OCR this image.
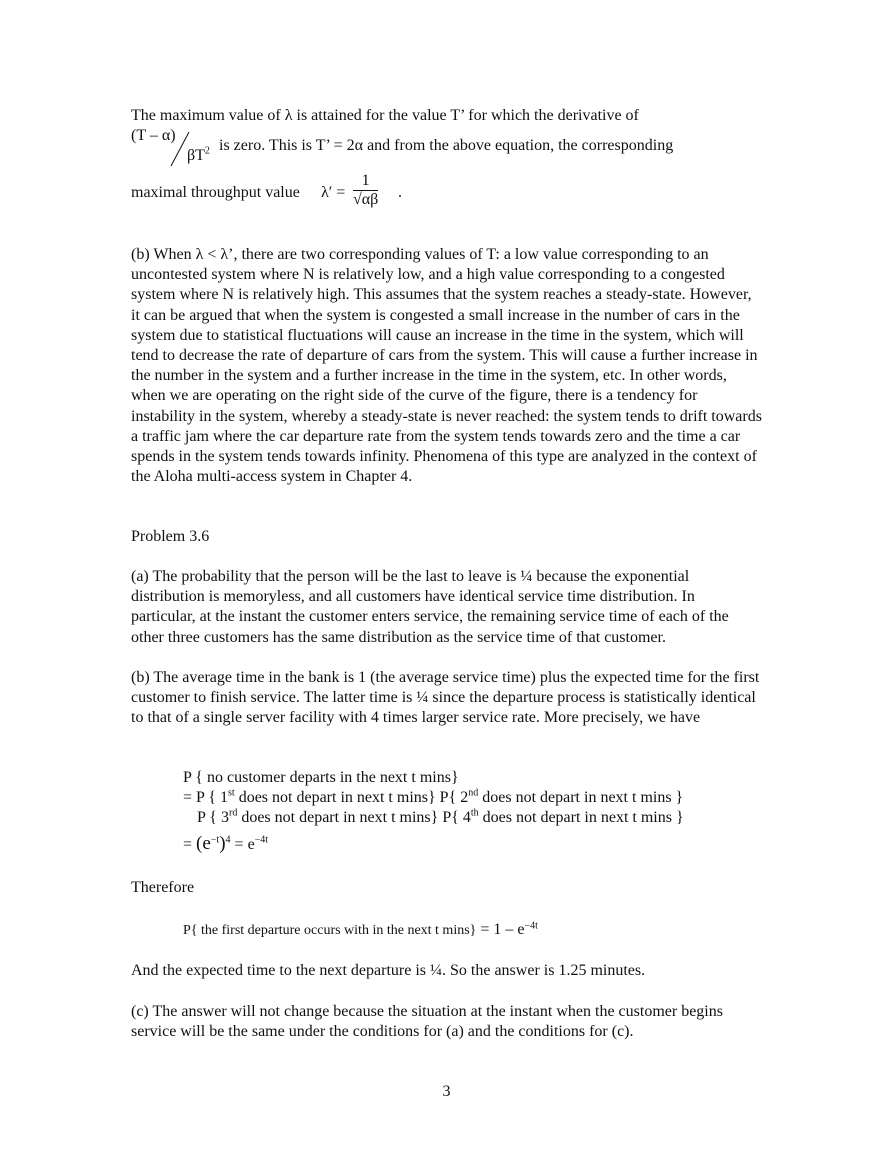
The maximum value of λ is attained for the value T’ for which the derivative of

(T – α)
$\beta T^2$ is zero. This is T’ = 2α and from the above equation, the corresponding
maximal throughput value $\lambda' = \frac{1}{√\alpha\beta}$ .

(b) When λ < λ’, there are two corresponding values of T: a low value corresponding to an uncontested system where N is relatively low, and a high value corresponding to a congested system where N is relatively high. This assumes that the system reaches a steady-state. However, it can be argued that when the system is congested a small increase in the number of cars in the system due to statistical fluctuations will cause an increase in the time in the system, which will tend to decrease the rate of departure of cars from the system. This will cause a further increase in the number in the system and a further increase in the time in the system, etc. In other words, when we are operating on the right side of the curve of the figure, there is a tendency for instability in the system, whereby a steady-state is never reached: the system tends to drift towards a traffic jam where the car departure rate from the system tends towards zero and the time a car spends in the system tends towards infinity. Phenomena of this type are analyzed in the context of the Aloha multi-access system in Chapter 4.

Problem 3.6

(a) The probability that the person will be the last to leave is ¼ because the exponential distribution is memoryless, and all customers have identical service time distribution. In particular, at the instant the customer enters service, the remaining service time of each of the other three customers has the same distribution as the service time of that customer.

(b) The average time in the bank is 1 (the average service time) plus the expected time for the first customer to finish service. The latter time is ¼ since the departure process is statistically identical to that of a single server facility with 4 times larger service rate. More precisely, we have

P { no customer departs in the next t mins}
= P { 1st does not depart in next t mins} P{ 2nd does not depart in next t mins }
P { 3rd does not depart in next t mins} P{ 4th does not depart in next t mins }
= $(e^{-t})^4 = e^{-4t}$

Therefore

P{ the first departure occurs with in the next t $\min s\} = 1 - e^{-4t}$

And the expected time to the next departure is ¼. So the answer is 1.25 minutes.

(c) The answer will not change because the situation at the instant when the customer begins service will be the same under the conditions for (a) and the conditions for (c).

3
